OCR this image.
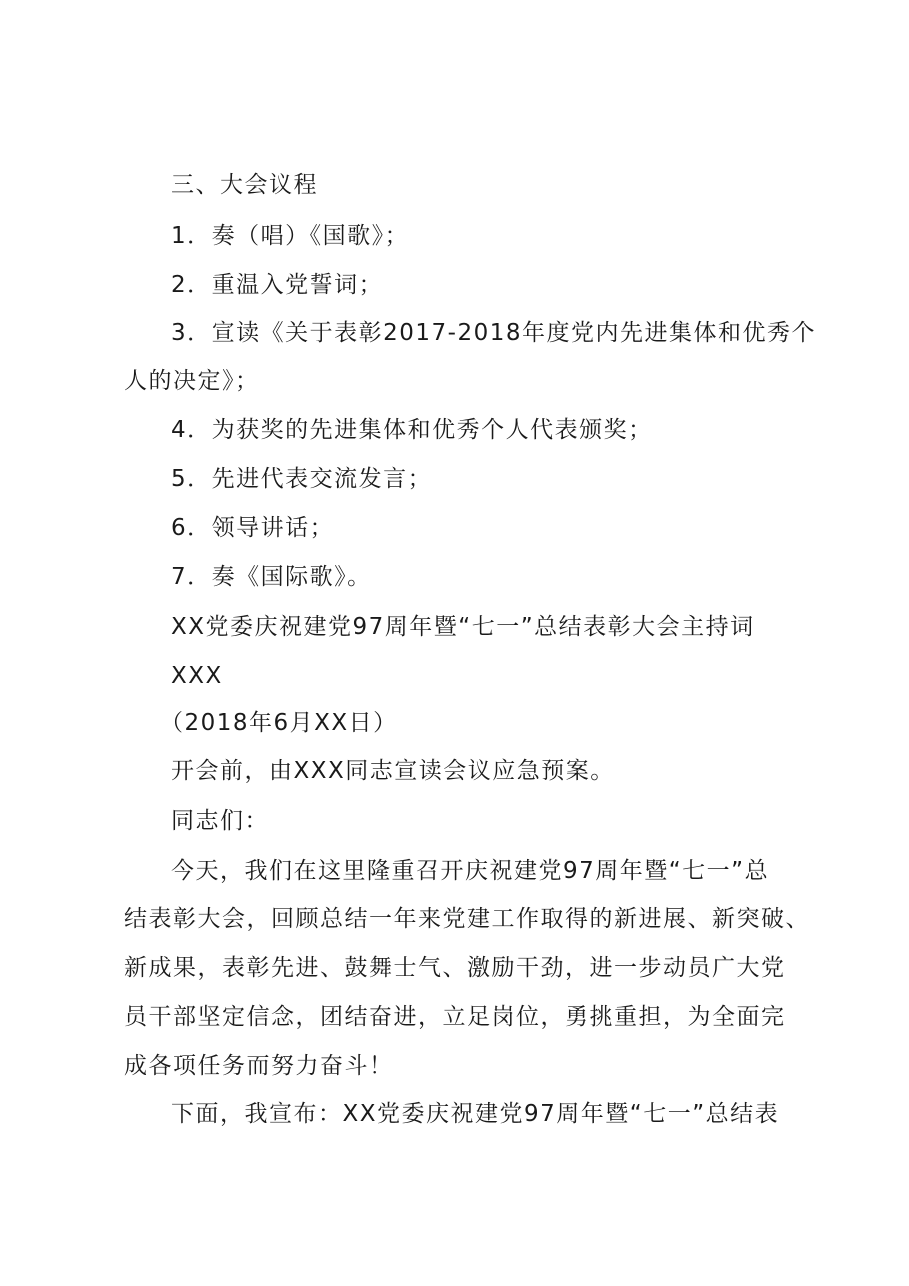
三、大会议程
1．奏（唱）《国歌》；
2．重温入党誓词；
3．宣读《关于表彰2017-2018年度党内先进集体和优秀个
人的决定》；
4．为获奖的先进集体和优秀个人代表颁奖；
5．先进代表交流发言；
6．领导讲话；
7．奏《国际歌》。
XX党委庆祝建党97周年暨“七一”总结表彰大会主持词
XXX
（2018年6月XX日）
开会前，由XXX同志宣读会议应急预案。
同志们：
今天，我们在这里隆重召开庆祝建党97周年暨“七一”总
结表彰大会，回顾总结一年来党建工作取得的新进展、新突破、
新成果，表彰先进、鼓舞士气、激励干劲，进一步动员广大党
员干部坚定信念，团结奋进，立足岗位，勇挑重担，为全面完
成各项任务而努力奋斗！
下面，我宣布：XX党委庆祝建党97周年暨“七一”总结表
